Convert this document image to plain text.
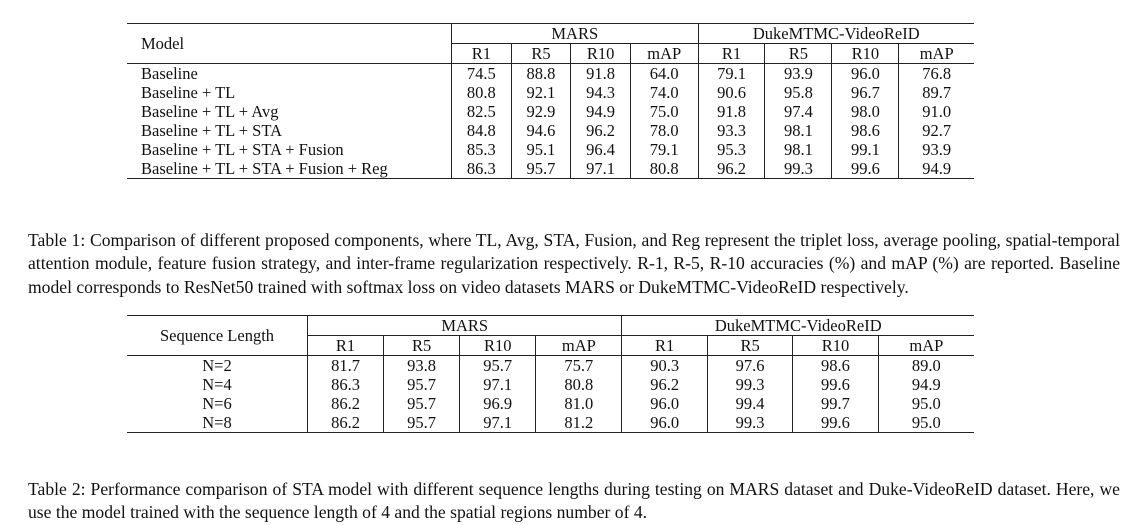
Model	MARS				DukeMTMC-VideoReID			
	R1	R5	R10	mAP	R1	R5	R10	mAP
Baseline	74.5	88.8	91.8	64.0	79.1	93.9	96.0	76.8
Baseline + TL	80.8	92.1	94.3	74.0	90.6	95.8	96.7	89.7
Baseline + TL + Avg	82.5	92.9	94.9	75.0	91.8	97.4	98.0	91.0
Baseline + TL + STA	84.8	94.6	96.2	78.0	93.3	98.1	98.6	92.7
Baseline + TL + STA + Fusion	85.3	95.1	96.4	79.1	95.3	98.1	99.1	93.9
Baseline + TL + STA + Fusion + Reg	86.3	95.7	97.1	80.8	96.2	99.3	99.6	94.9

Table 1: Comparison of different proposed components, where TL, Avg, STA, Fusion, and Reg represent the triplet loss, average pooling, spatial-temporal attention module, feature fusion strategy, and inter-frame regularization respectively. R-1, R-5, R-10 accuracies (%) and mAP (%) are reported. Baseline model corresponds to ResNet50 trained with softmax loss on video datasets MARS or DukeMTMC-VideoReID respectively.

Sequence Length	MARS				DukeMTMC-VideoReID			
	R1	R5	R10	mAP	R1	R5	R10	mAP
N=2	81.7	93.8	95.7	75.7	90.3	97.6	98.6	89.0
N=4	86.3	95.7	97.1	80.8	96.2	99.3	99.6	94.9
N=6	86.2	95.7	96.9	81.0	96.0	99.4	99.7	95.0
N=8	86.2	95.7	97.1	81.2	96.0	99.3	99.6	95.0

Table 2: Performance comparison of STA model with different sequence lengths during testing on MARS dataset and Duke-VideoReID dataset. Here, we use the model trained with the sequence length of 4 and the spatial regions number of 4.
